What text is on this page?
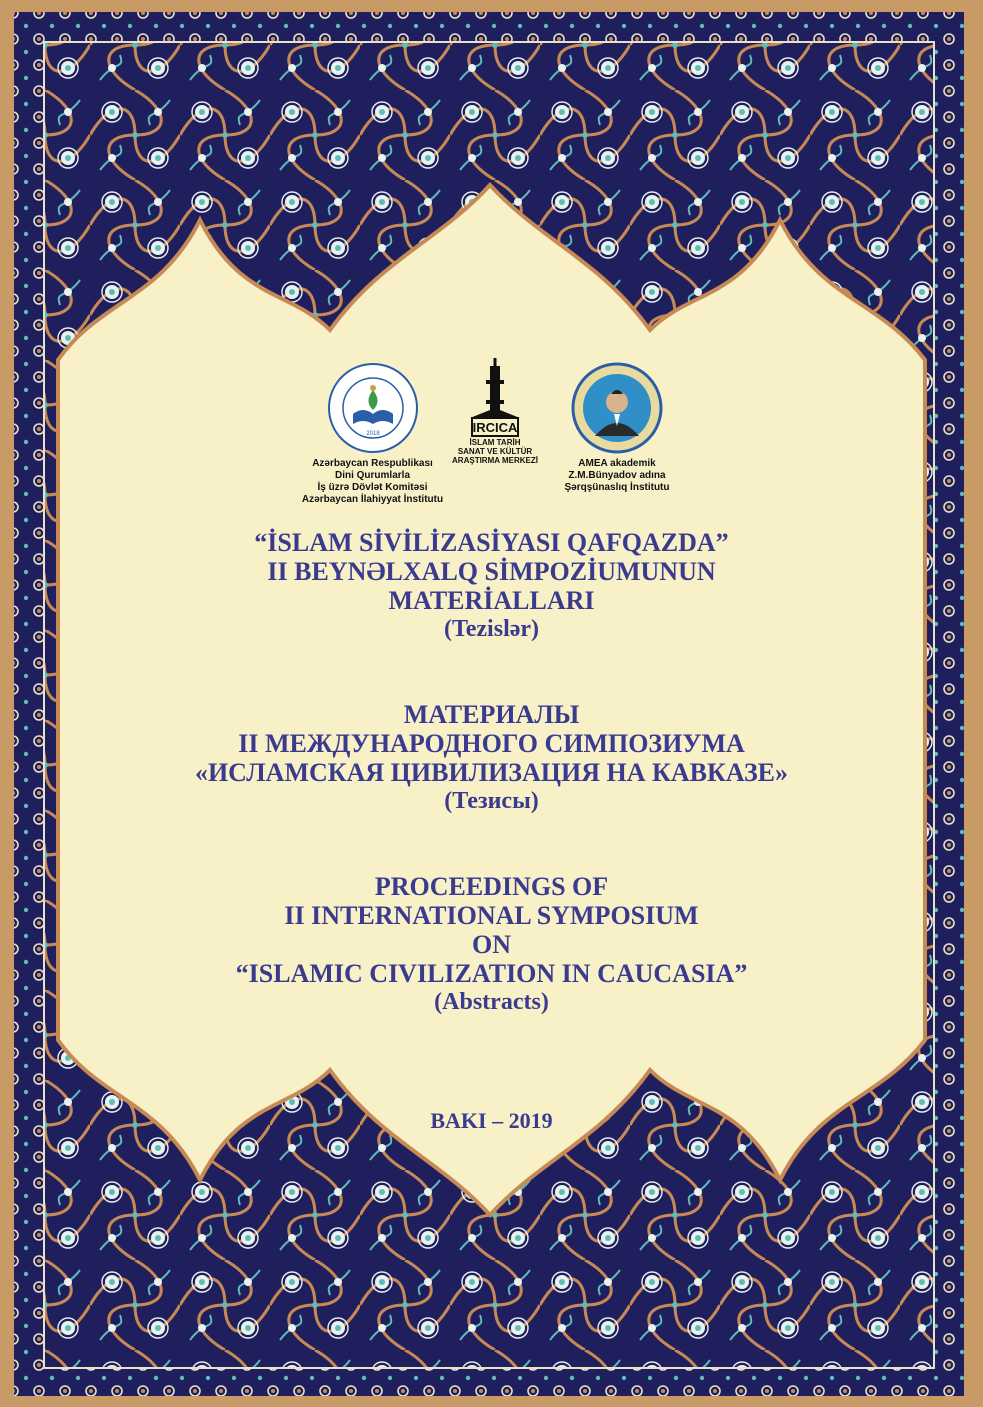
2018
Azərbaycan Respublikası
Dini Qurumlarla
İş üzrə Dövlət Komitəsi
Azərbaycan İlahiyyat İnstitutu
IRCICA
İSLAM TARİH
SANAT VE KÜLTÜR
ARAŞTIRMA MERKEZİ	AMEA akademik
Z.M.Bünyadov adına
Şərqşünaslıq İnstitutu
“İSLAM SİVİLİZASİYASI QAFQAZDA”
II BEYNƏLXALQ SİMPOZİUMUNUN
MATERİALLARI
(Tezislər)
МАТЕРИАЛЫ
II МЕЖДУНАРОДНОГО СИМПОЗИУМА
«ИСЛАМСКАЯ ЦИВИЛИЗАЦИЯ НА КАВКАЗЕ»
(Тезисы)
PROCEEDINGS OF
II INTERNATIONAL SYMPOSIUM
ON
“ISLAMIC CIVILIZATION IN CAUCASIA”
(Abstracts)
BAKI – 2019
